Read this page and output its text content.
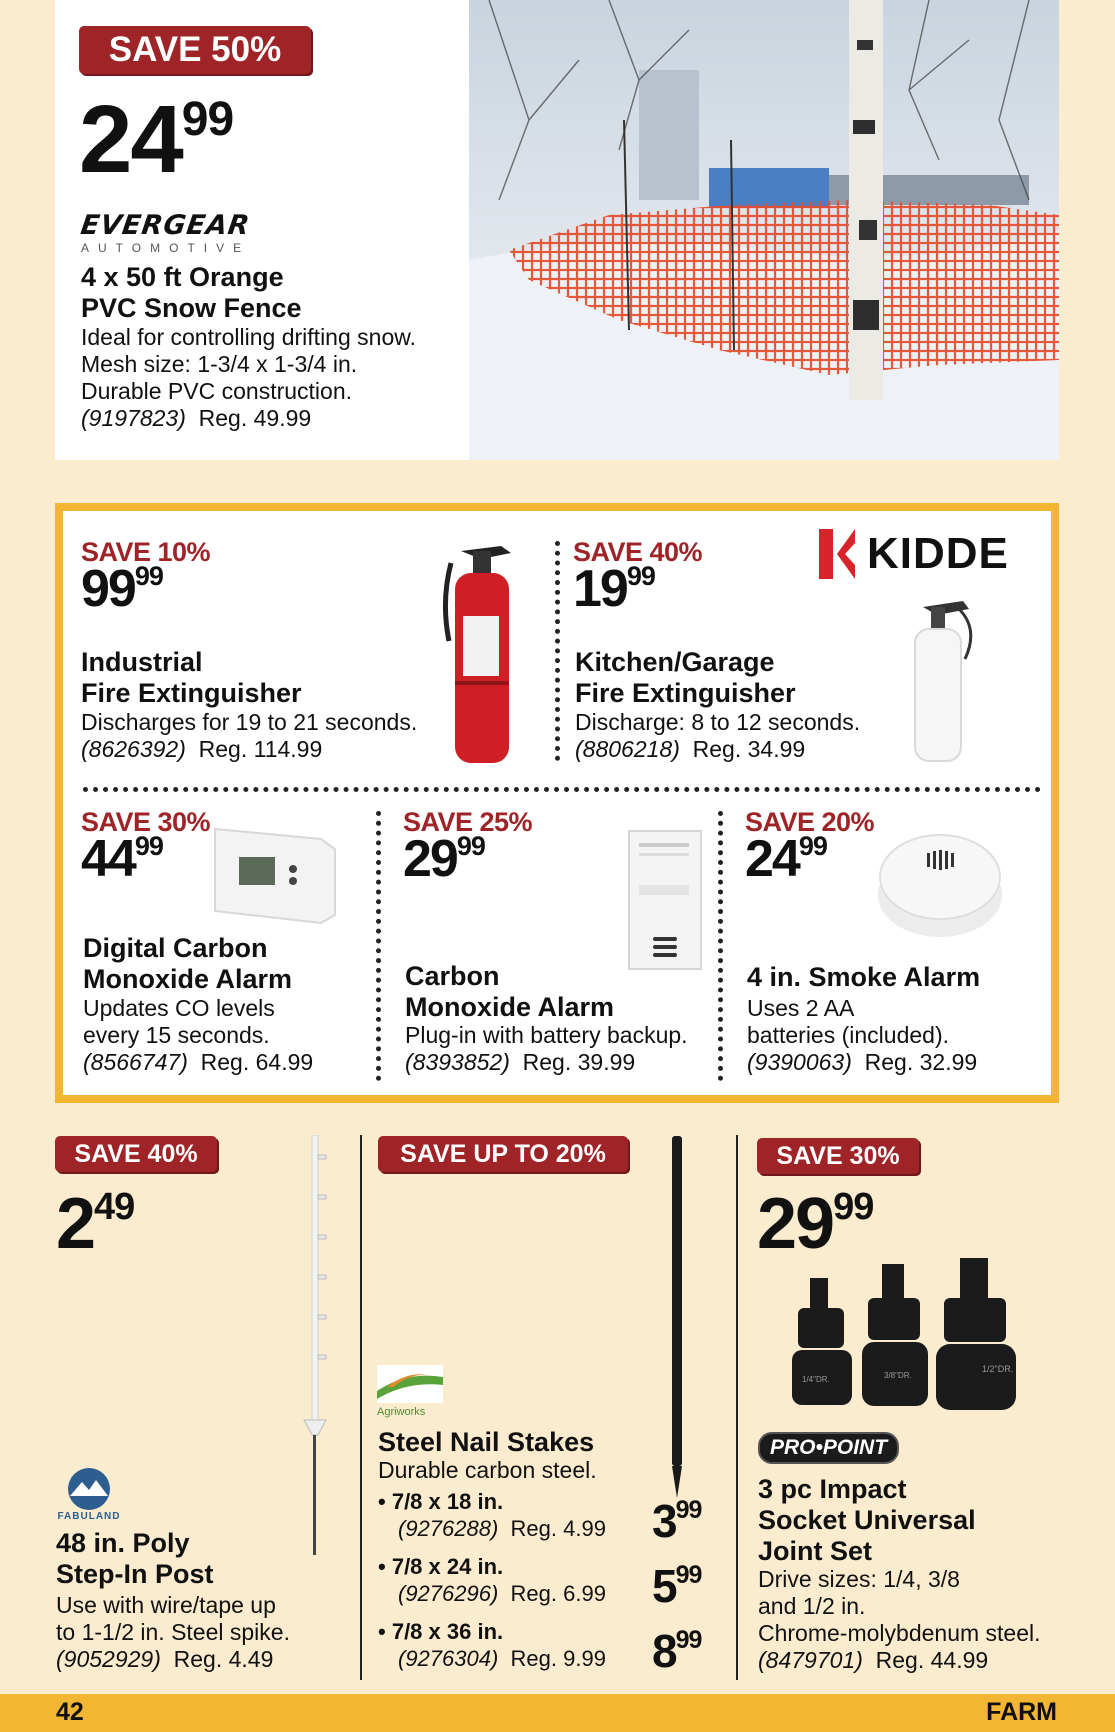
SAVE 50%
2499
EVERGEAR
AUTOMOTIVE
4 x 50 ft Orange
PVC Snow Fence
Ideal for controlling drifting snow.
Mesh size: 1-3/4 x 1-3/4 in.
Durable PVC construction.
(9197823) Reg. 49.99
KIDDE
SAVE 10%
9999
Industrial
Fire Extinguisher
Discharges for 19 to 21 seconds.
(8626392) Reg. 114.99
SAVE 40%
1999
Kitchen/Garage
Fire Extinguisher
Discharge: 8 to 12 seconds.
(8806218) Reg. 34.99
SAVE 30%
4499
Digital Carbon
Monoxide Alarm
Updates CO levels
every 15 seconds.
(8566747) Reg. 64.99
SAVE 25%
2999
Carbon
Monoxide Alarm
Plug-in with battery backup.
(8393852) Reg. 39.99
SAVE 20%
2499
4 in. Smoke Alarm
Uses 2 AA
batteries (included).
(9390063) Reg. 32.99
SAVE 40%
249
FABULAND
48 in. Poly
Step-In Post
Use with wire/tape up
to 1-1/2 in. Steel spike.
(9052929) Reg. 4.49
SAVE UP TO 20%
Agriworks
Steel Nail Stakes
Durable carbon steel.
• 7/8 x 18 in.
(9276288) Reg. 4.99	399
• 7/8 x 24 in.
(9276296) Reg. 6.99	599
• 7/8 x 36 in.
(9276304) Reg. 9.99	899
SAVE 30%
2999
1/4"DR.	3/8"DR.
1/2"DR.
PRO•POINT
3 pc Impact
Socket Universal
Joint Set
Drive sizes: 1/4, 3/8
and 1/2 in.
Chrome-molybdenum steel.
(8479701) Reg. 44.99
42	FARM
